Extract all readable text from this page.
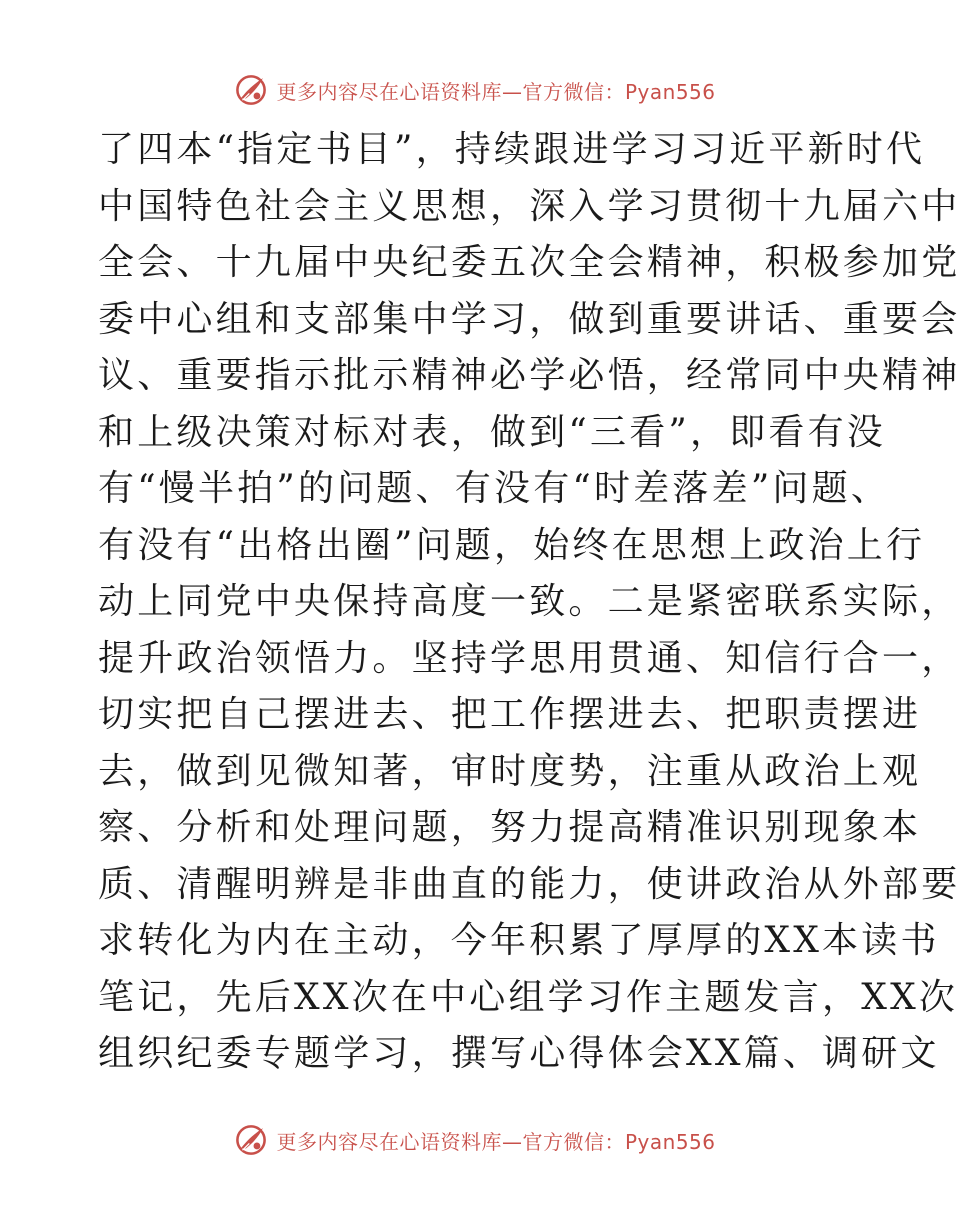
更多内容尽在心语资料库—官方微信：Pyan556
了四本“指定书目”，持续跟进学习习近平新时代
中国特色社会主义思想，深入学习贯彻十九届六中
全会、十九届中央纪委五次全会精神，积极参加党
委中心组和支部集中学习，做到重要讲话、重要会
议、重要指示批示精神必学必悟，经常同中央精神
和上级决策对标对表，做到“三看”，即看有没
有“慢半拍”的问题、有没有“时差落差”问题、
有没有“出格出圈”问题，始终在思想上政治上行
动上同党中央保持高度一致。二是紧密联系实际，
提升政治领悟力。坚持学思用贯通、知信行合一，
切实把自己摆进去、把工作摆进去、把职责摆进
去，做到见微知著，审时度势，注重从政治上观
察、分析和处理问题，努力提高精准识别现象本
质、清醒明辨是非曲直的能力，使讲政治从外部要
求转化为内在主动，今年积累了厚厚的XX本读书
笔记，先后XX次在中心组学习作主题发言，XX次
组织纪委专题学习，撰写心得体会XX篇、调研文
更多内容尽在心语资料库—官方微信：Pyan556
